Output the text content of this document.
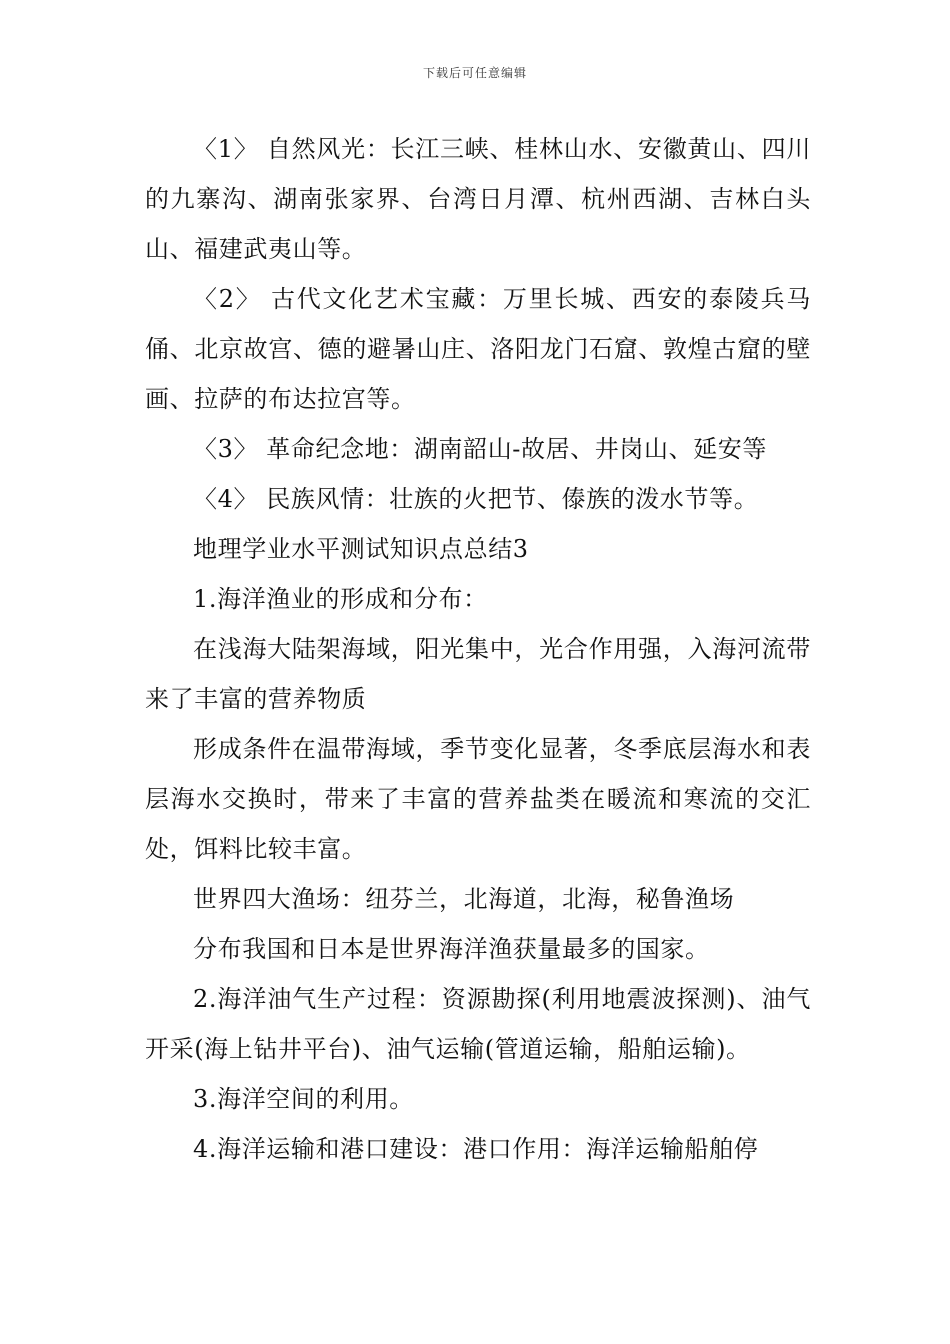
下载后可任意编辑

〈1〉 自然风光：长江三峡、桂林山水、安徽黄山、四川的九寨沟、湖南张家界、台湾日月潭、杭州西湖、吉林白头山、福建武夷山等。

〈2〉 古代文化艺术宝藏：万里长城、西安的泰陵兵马俑、北京故宫、德的避暑山庄、洛阳龙门石窟、敦煌古窟的壁画、拉萨的布达拉宫等。

〈3〉 革命纪念地：湖南韶山-故居、井岗山、延安等

〈4〉 民族风情：壮族的火把节、傣族的泼水节等。

地理学业水平测试知识点总结3

1.海洋渔业的形成和分布：

在浅海大陆架海域，阳光集中，光合作用强，入海河流带来了丰富的营养物质

形成条件在温带海域，季节变化显著，冬季底层海水和表层海水交换时，带来了丰富的营养盐类在暖流和寒流的交汇处，饵料比较丰富。

世界四大渔场：纽芬兰，北海道，北海，秘鲁渔场

分布我国和日本是世界海洋渔获量最多的国家。

2.海洋油气生产过程：资源勘探(利用地震波探测)、油气开采(海上钻井平台)、油气运输(管道运输，船舶运输)。

3.海洋空间的利用。

4.海洋运输和港口建设：港口作用：海洋运输船舶停
